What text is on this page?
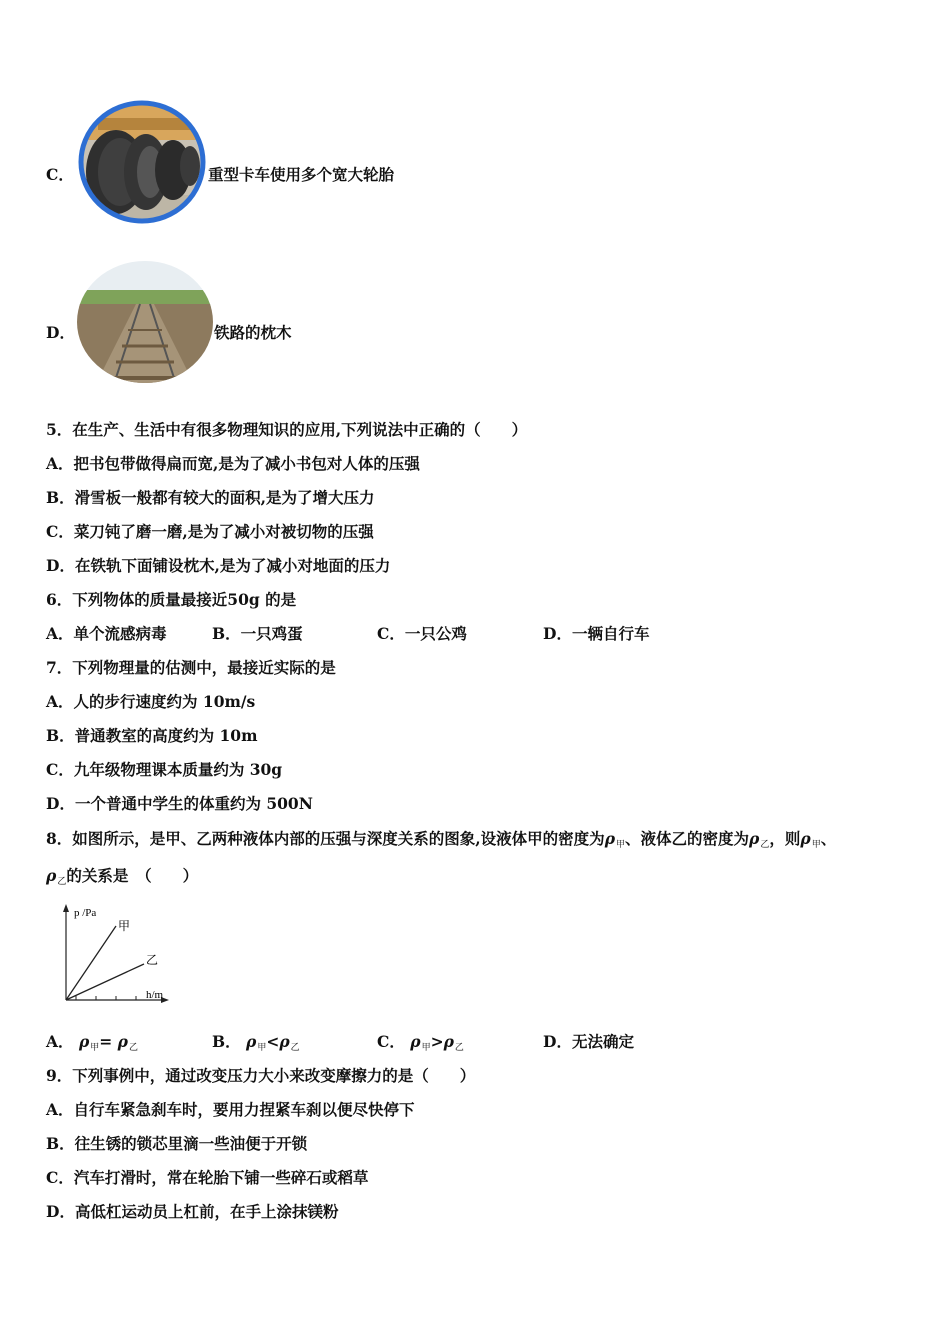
C．	重型卡车使用多个宽大轮胎
D．	铁路的枕木
5．在生产、生活中有很多物理知识的应用,下列说法中正确的（　　）
A．把书包带做得扁而宽,是为了减小书包对人体的压强
B．滑雪板一般都有较大的面积,是为了增大压力
C．菜刀钝了磨一磨,是为了减小对被切物的压强
D．在铁轨下面铺设枕木,是为了减小对地面的压力
6．下列物体的质量最接近50g 的是
A．单个流感病毒	B．一只鸡蛋	C．一只公鸡	D．一辆自行车
7．下列物理量的估测中，最接近实际的是
A．人的步行速度约为 10m/s
B．普通教室的高度约为 10m
C．九年级物理课本质量约为 30g
D．一个普通中学生的体重约为 500N
8．如图所示，是甲、乙两种液体内部的压强与深度关系的图象,设液体甲的密度为ρ甲、液体乙的密度为ρ乙，则ρ甲、
ρ乙的关系是　（　　）
p /Pa
甲
乙
h/m
A． ρ甲= ρ乙	B． ρ甲<ρ乙	C． ρ甲>ρ乙	D．无法确定
9．下列事例中，通过改变压力大小来改变摩擦力的是（　　）
A．自行车紧急刹车时，要用力捏紧车刹以便尽快停下
B．往生锈的锁芯里滴一些油便于开锁
C．汽车打滑时，常在轮胎下铺一些碎石或稻草
D．高低杠运动员上杠前，在手上涂抹镁粉
